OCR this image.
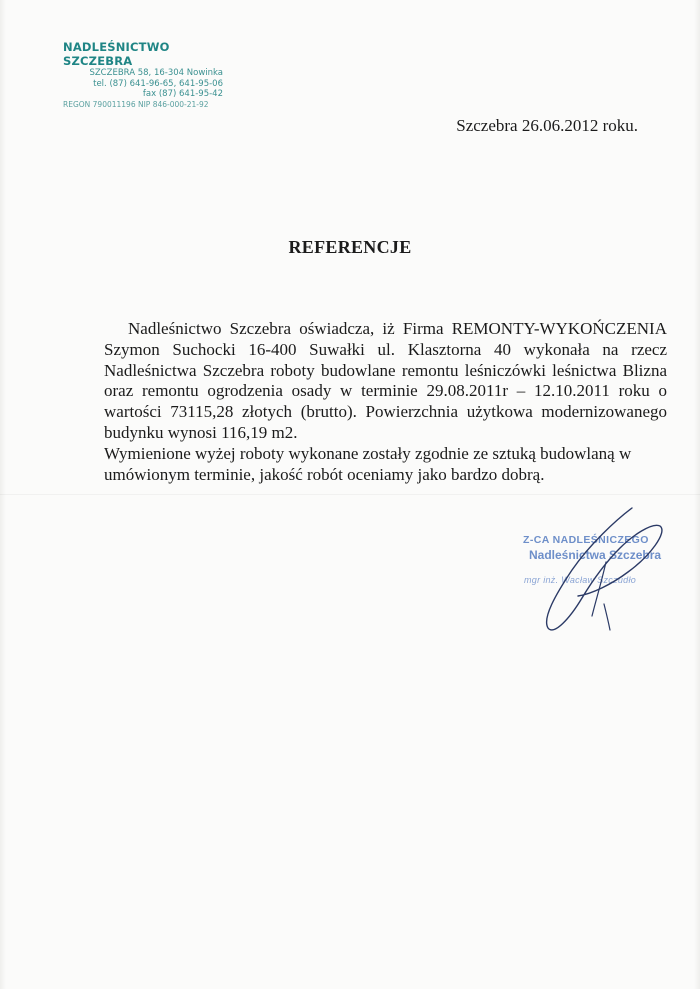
NADLEŚNICTWO SZCZEBRA
SZCZEBRA 58, 16-304 Nowinka
tel. (87) 641-96-65, 641-95-06
fax (87) 641-95-42
REGON 790011196 NIP 846-000-21-92
Szczebra 26.06.2012 roku.
REFERENCJE

Nadleśnictwo Szczebra oświadcza, iż Firma REMONTY-WYKOŃCZENIA Szymon Suchocki 16-400 Suwałki ul. Klasztorna 40 wykonała na rzecz Nadleśnictwa Szczebra roboty budowlane remontu leśniczówki leśnictwa Blizna oraz remontu ogrodzenia osady w terminie 29.08.2011r – 12.10.2011 roku o wartości 73115,28 złotych (brutto). Powierzchnia użytkowa modernizowanego budynku wynosi 116,19 m2.

Wymienione wyżej roboty wykonane zostały zgodnie ze sztuką budowlaną w umówionym terminie, jakość robót oceniamy jako bardzo dobrą.

Z-CA NADLEŚNICZEGO
Nadleśnictwa Szczebra
mgr inż. Wacław Szczudło
